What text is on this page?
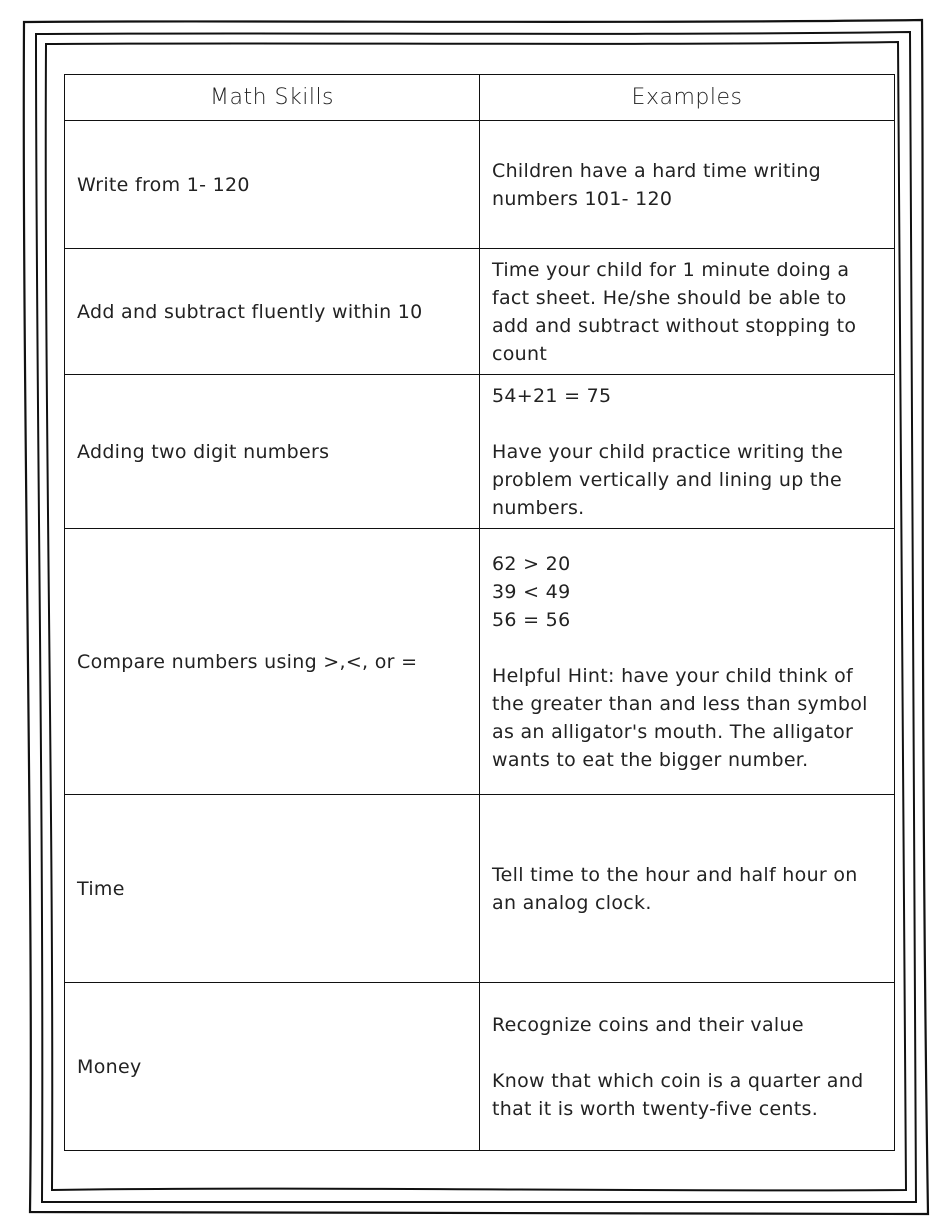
Math Skills	Examples
Write from 1- 120	Children have a hard time writing numbers 101- 120

Add and subtract fluently within 10	Time your child for 1 minute doing a fact sheet. He/she should be able to add and subtract without stopping to count

Adding two digit numbers	54+21 = 75
Have your child practice writing the problem vertically and lining up the numbers.

Compare numbers using >,<, or =	62 > 20
39 < 49
56 = 56
Helpful Hint: have your child think of the greater than and less than symbol as an alligator's mouth. The alligator wants to eat the bigger number.

Time	Tell time to the hour and half hour on an analog clock.

Money	Recognize coins and their value
Know that which coin is a quarter and that it is worth twenty-five cents.
